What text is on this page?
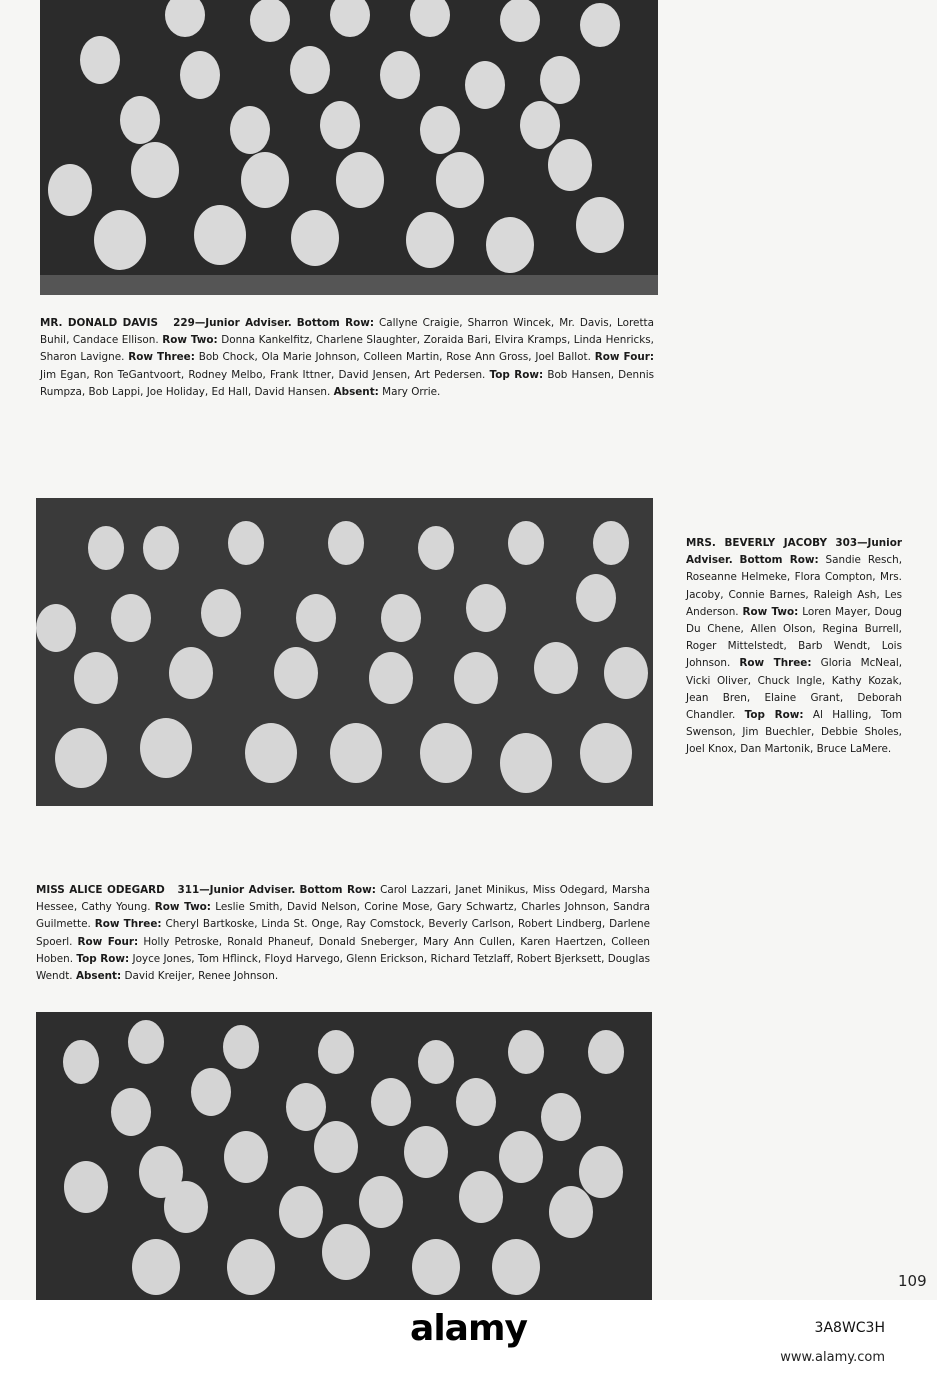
MR. DONALD DAVIS 229—Junior Adviser. Bottom Row: Callyne Craigie, Sharron Wincek, Mr. Davis, Loretta Buhil, Candace Ellison. Row Two: Donna Kankelfitz, Charlene Slaughter, Zoraida Bari, Elvira Kramps, Linda Henricks, Sharon Lavigne. Row Three: Bob Chock, Ola Marie Johnson, Colleen Martin, Rose Ann Gross, Joel Ballot. Row Four: Jim Egan, Ron TeGantvoort, Rodney Melbo, Frank Ittner, David Jensen, Art Pedersen. Top Row: Bob Hansen, Dennis Rumpza, Bob Lappi, Joe Holiday, Ed Hall, David Hansen. Absent: Mary Orrie.
MRS. BEVERLY JACOBY 303—Junior Adviser. Bottom Row: Sandie Resch, Roseanne Helmeke, Flora Compton, Mrs. Jacoby, Connie Barnes, Raleigh Ash, Les Anderson. Row Two: Loren Mayer, Doug Du Chene, Allen Olson, Regina Burrell, Roger Mittelstedt, Barb Wendt, Lois Johnson. Row Three: Gloria McNeal, Vicki Oliver, Chuck Ingle, Kathy Kozak, Jean Bren, Elaine Grant, Deborah Chandler. Top Row: Al Halling, Tom Swenson, Jim Buechler, Debbie Sholes, Joel Knox, Dan Martonik, Bruce LaMere.
MISS ALICE ODEGARD 311—Junior Adviser. Bottom Row: Carol Lazzari, Janet Minikus, Miss Odegard, Marsha Hessee, Cathy Young. Row Two: Leslie Smith, David Nelson, Corine Mose, Gary Schwartz, Charles Johnson, Sandra Guilmette. Row Three: Cheryl Bartkoske, Linda St. Onge, Ray Comstock, Beverly Carlson, Robert Lindberg, Darlene Spoerl. Row Four: Holly Petroske, Ronald Phaneuf, Donald Sneberger, Mary Ann Cullen, Karen Haertzen, Colleen Hoben. Top Row: Joyce Jones, Tom Hflinck, Floyd Harvego, Glenn Erickson, Richard Tetzlaff, Robert Bjerksett, Douglas Wendt. Absent: David Kreijer, Renee Johnson.
109
alamy	3A8WC3H
www.alamy.com
